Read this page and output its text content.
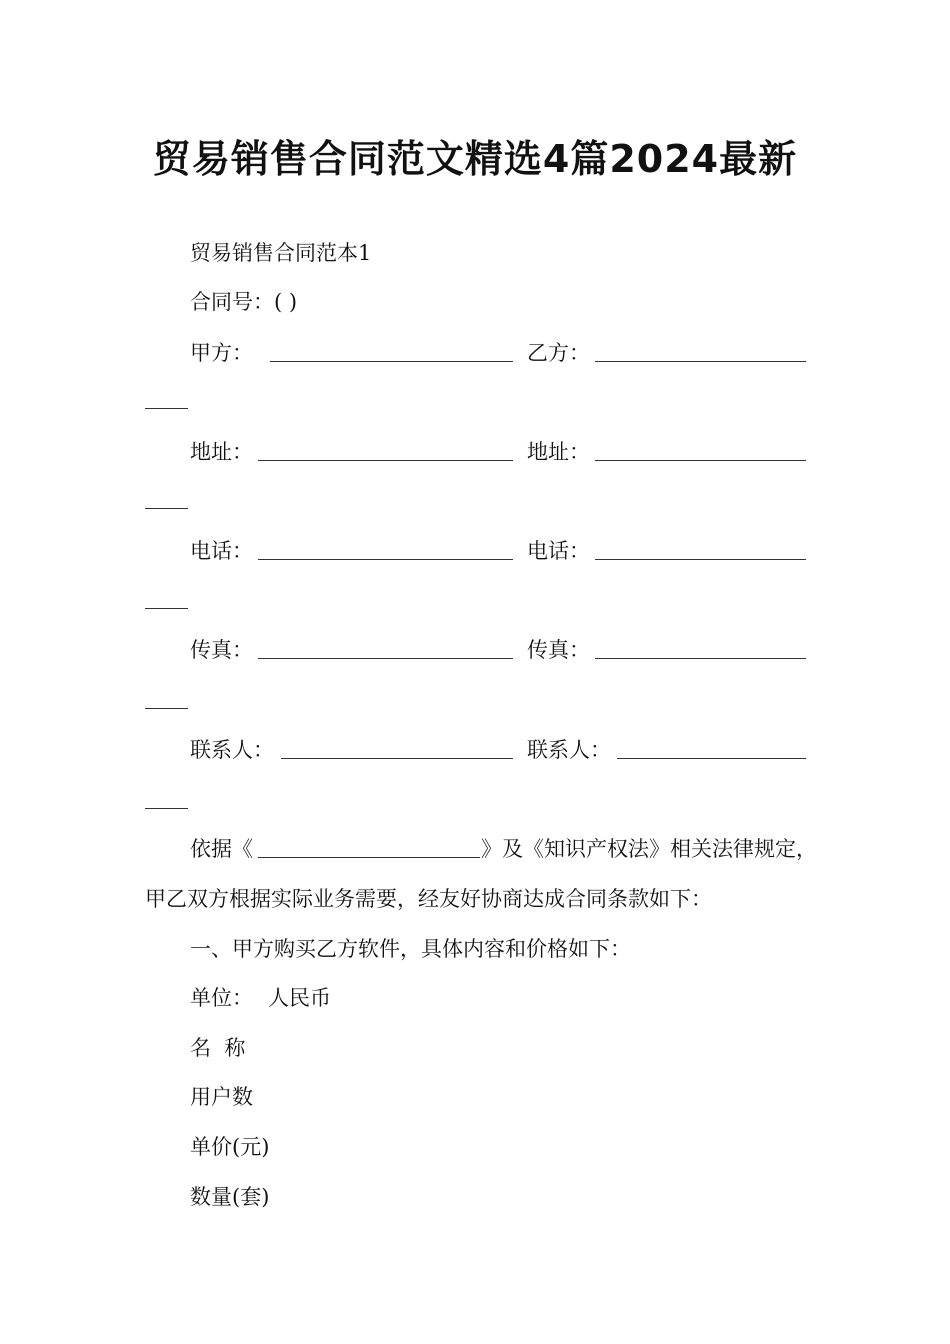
贸易销售合同范文精选4篇2024最新
贸易销售合同范本1
合同号：( )
甲方：	乙方：
地址：	地址：
电话：	电话：
传真：	传真：
联系人：	联系人：
依据《	》及《知识产权法》相关法律规定，
甲乙双方根据实际业务需要，经友好协商达成合同条款如下：
一、甲方购买乙方软件，具体内容和价格如下：
单位： 人民币
名  称
用户数
单价(元)
数量(套)
